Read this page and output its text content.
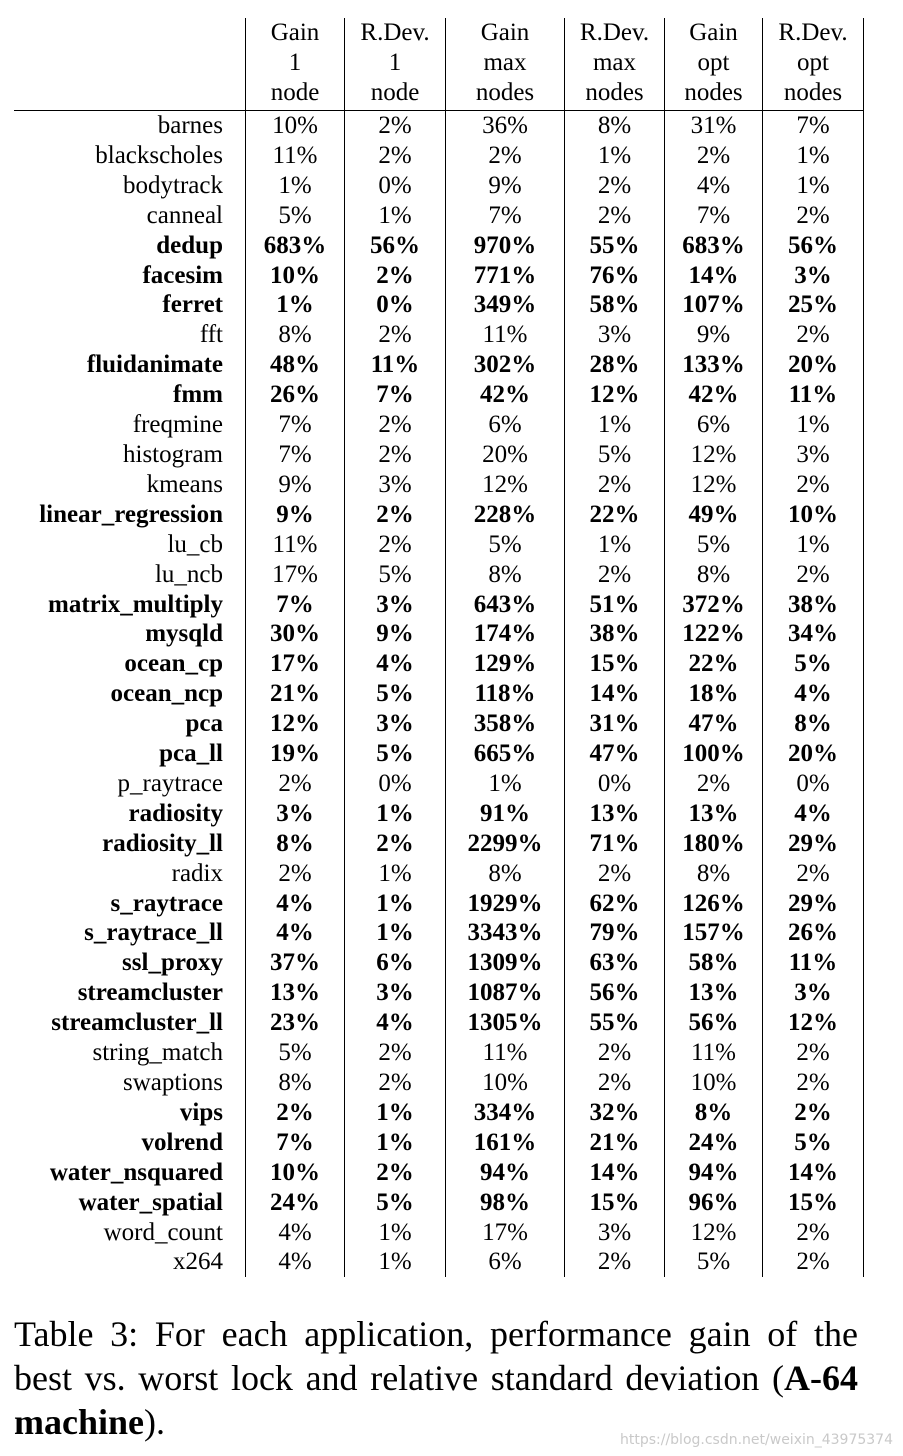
	Gain
1
node	R.Dev.
1
node	Gain
max
nodes	R.Dev.
max
nodes	Gain
opt
nodes	R.Dev.
opt
nodes

barnes	10%	2%	36%	8%	31%	7%
blackscholes	11%	2%	2%	1%	2%	1%
bodytrack	1%	0%	9%	2%	4%	1%
canneal	5%	1%	7%	2%	7%	2%
dedup	683%	56%	970%	55%	683%	56%
facesim	10%	2%	771%	76%	14%	3%
ferret	1%	0%	349%	58%	107%	25%
fft	8%	2%	11%	3%	9%	2%
fluidanimate	48%	11%	302%	28%	133%	20%
fmm	26%	7%	42%	12%	42%	11%
freqmine	7%	2%	6%	1%	6%	1%
histogram	7%	2%	20%	5%	12%	3%
kmeans	9%	3%	12%	2%	12%	2%
linear_regression	9%	2%	228%	22%	49%	10%
lu_cb	11%	2%	5%	1%	5%	1%
lu_ncb	17%	5%	8%	2%	8%	2%
matrix_multiply	7%	3%	643%	51%	372%	38%
mysqld	30%	9%	174%	38%	122%	34%
ocean_cp	17%	4%	129%	15%	22%	5%
ocean_ncp	21%	5%	118%	14%	18%	4%
pca	12%	3%	358%	31%	47%	8%
pca_ll	19%	5%	665%	47%	100%	20%
p_raytrace	2%	0%	1%	0%	2%	0%
radiosity	3%	1%	91%	13%	13%	4%
radiosity_ll	8%	2%	2299%	71%	180%	29%
radix	2%	1%	8%	2%	8%	2%
s_raytrace	4%	1%	1929%	62%	126%	29%
s_raytrace_ll	4%	1%	3343%	79%	157%	26%
ssl_proxy	37%	6%	1309%	63%	58%	11%
streamcluster	13%	3%	1087%	56%	13%	3%
streamcluster_ll	23%	4%	1305%	55%	56%	12%
string_match	5%	2%	11%	2%	11%	2%
swaptions	8%	2%	10%	2%	10%	2%
vips	2%	1%	334%	32%	8%	2%
volrend	7%	1%	161%	21%	24%	5%
water_nsquared	10%	2%	94%	14%	94%	14%
water_spatial	24%	5%	98%	15%	96%	15%
word_count	4%	1%	17%	3%	12%	2%
x264	4%	1%	6%	2%	5%	2%
Table 3: For each application, performance gain of the
best vs. worst lock and relative standard deviation (A-64
machine).	https://blog.csdn.net/weixin_43975374
